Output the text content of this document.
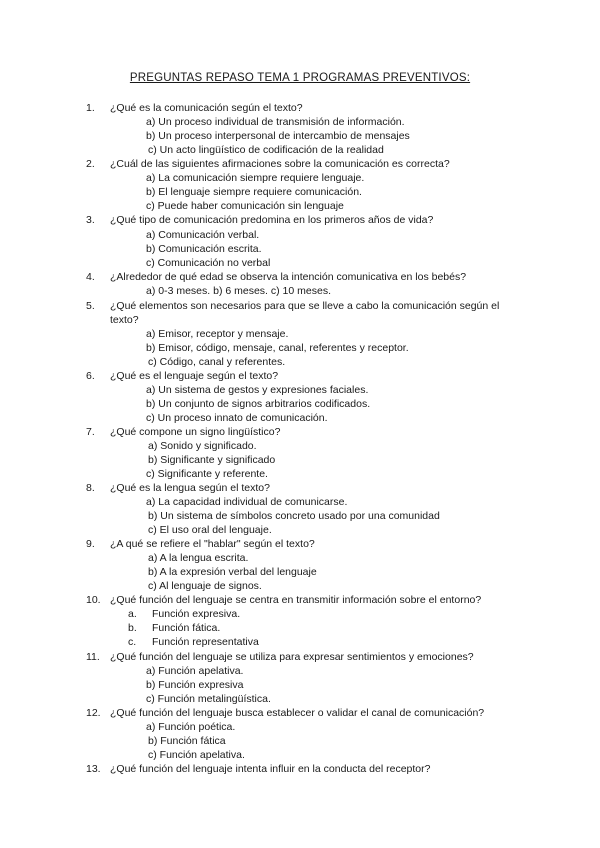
PREGUNTAS REPASO TEMA 1 PROGRAMAS PREVENTIVOS:
1.	¿Qué es la comunicación según el texto?
a) Un proceso individual de transmisión de información.
b) Un proceso interpersonal de intercambio de mensajes
c) Un acto lingüístico de codificación de la realidad
2.	¿Cuál de las siguientes afirmaciones sobre la comunicación es correcta?
a) La comunicación siempre requiere lenguaje.
b) El lenguaje siempre requiere comunicación.
c) Puede haber comunicación sin lenguaje
3.	¿Qué tipo de comunicación predomina en los primeros años de vida?
a) Comunicación verbal.
b) Comunicación escrita.
c) Comunicación no verbal
4.	¿Alrededor de qué edad se observa la intención comunicativa en los bebés?
a) 0-3 meses. b) 6 meses. c) 10 meses.
5.	¿Qué elementos son necesarios para que se lleve a cabo la comunicación según el
texto?
a) Emisor, receptor y mensaje.
b) Emisor, código, mensaje, canal, referentes y receptor.
c) Código, canal y referentes.
6.	¿Qué es el lenguaje según el texto?
a) Un sistema de gestos y expresiones faciales.
b) Un conjunto de signos arbitrarios codificados.
c) Un proceso innato de comunicación.
7.	¿Qué compone un signo lingüístico?
a) Sonido y significado.
b) Significante y significado
c) Significante y referente.
8.	¿Qué es la lengua según el texto?
a) La capacidad individual de comunicarse.
b) Un sistema de símbolos concreto usado por una comunidad
c) El uso oral del lenguaje.
9.	¿A qué se refiere el "hablar" según el texto?
a) A la lengua escrita.
b) A la expresión verbal del lenguaje
c) Al lenguaje de signos.
10. ¿Qué función del lenguaje se centra en transmitir información sobre el entorno?
a. Función expresiva.
b. Función fática.
c. Función representativa
11. ¿Qué función del lenguaje se utiliza para expresar sentimientos y emociones?
a) Función apelativa.
b) Función expresiva
c) Función metalingüística.
12. ¿Qué función del lenguaje busca establecer o validar el canal de comunicación?
a) Función poética.
b) Función fática
c) Función apelativa.
13. ¿Qué función del lenguaje intenta influir en la conducta del receptor?
